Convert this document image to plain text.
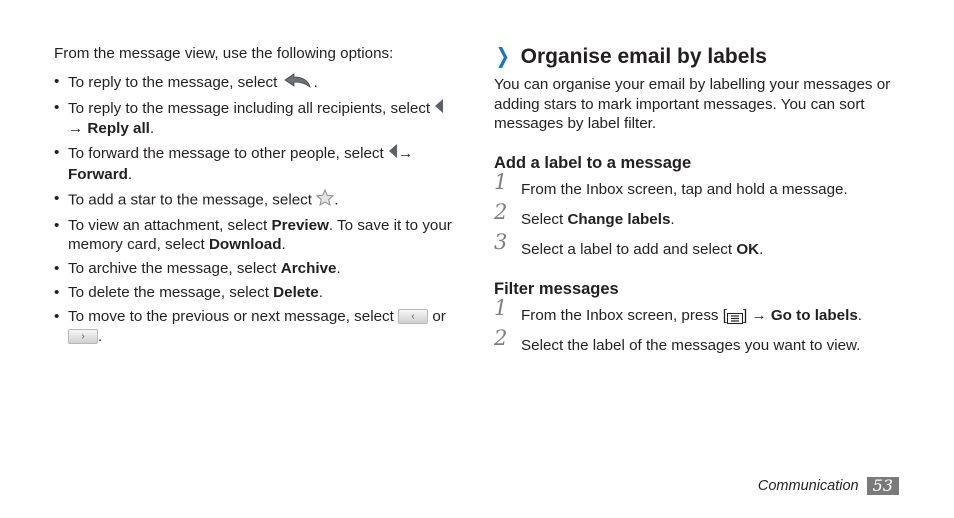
From the message view, use the following options:

• To reply to the message, select .
• To reply to the message including all recipients, select  → Reply all.
• To forward the message to other people, select → Forward.
• To add a star to the message, select .
• To view an attachment, select Preview. To save it to your memory card, select Download.
• To archive the message, select Archive.
• To delete the message, select Delete.
• To move to the previous or next message, select ‹ or › .
❯ Organise email by labels

You can organise your email by labelling your messages or adding stars to mark important messages. You can sort messages by label filter.

Add a label to a message
1 From the Inbox screen, tap and hold a message.
2 Select Change labels.
3 Select a label to add and select OK.
Filter messages
1 From the Inbox screen, press [ ] → Go to labels.
2 Select the label of the messages you want to view.
Communication 53
